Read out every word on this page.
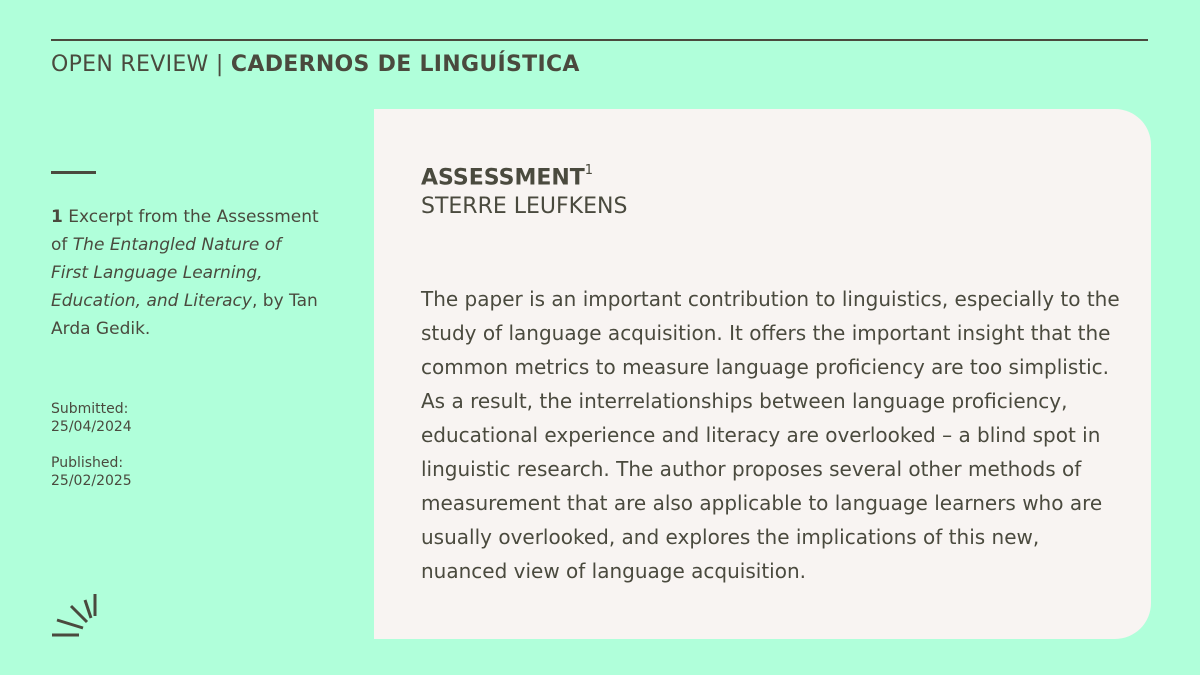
OPEN REVIEW | CADERNOS DE LINGUÍSTICA
1 Excerpt from the Assessment of The Entangled Nature of First Language Learning, Education, and Literacy, by Tan Arda Gedik.
Submitted:
25/04/2024
Published:
25/02/2025
ASSESSMENT$^1$
STERRE LEUFKENS

The paper is an important contribution to linguistics, especially to the study of language acquisition. It offers the important insight that the common metrics to measure language proficiency are too simplistic. As a result, the interrelationships between language proficiency, educational experience and literacy are overlooked – a blind spot in linguistic research. The author proposes several other methods of measurement that are also applicable to language learners who are usually overlooked, and explores the implications of this new, nuanced view of language acquisition.
